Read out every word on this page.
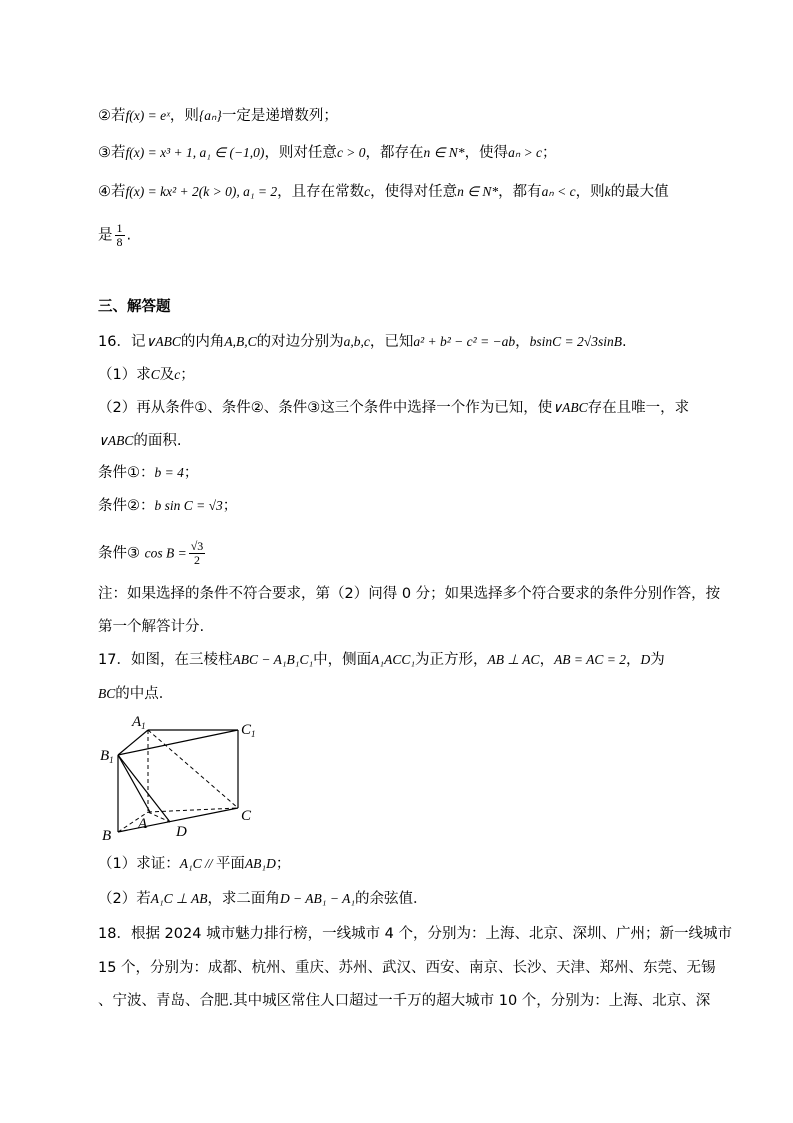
②若f(x) = eˣ，则{aₙ}一定是递增数列；
③若f(x) = x³ + 1, a₁ ∈ (−1,0)，则对任意c > 0，都存在n ∈ N*，使得aₙ > c；
④若f(x) = kx² + 2(k > 0), a₁ = 2，且存在常数c，使得对任意n ∈ N*，都有aₙ < c，则k的最大值
是 $\frac{1}{8}$ .
三、解答题
16．记∨ABC的内角A,B,C的对边分别为a,b,c，已知a² + b² − c² = −ab，bsinC = 2√3sinB.
（1）求C及c；
（2）再从条件①、条件②、条件③这三个条件中选择一个作为已知，使∨ABC存在且唯一，求
∨ABC的面积.
条件①：b = 4；
条件②：b sin C = √3；
条件③ $\cos B = \frac{√3}{2}$
注：如果选择的条件不符合要求，第（2）问得 0 分；如果选择多个符合要求的条件分别作答，按
第一个解答计分.
17．如图，在三棱柱ABC − A₁B₁C₁中，侧面A₁ACC₁为正方形，AB ⊥ AC，AB = AC = 2，D为
BC的中点．
$A_1$	$C_1$
$B_1$
A
B
C
D
（1）求证：A₁C // 平面AB₁D；
（2）若A₁C ⊥ AB，求二面角D − AB₁ − A₁的余弦值．
18．根据 2024 城市魅力排行榜，一线城市 4 个，分别为：上海、北京、深圳、广州；新一线城市
15 个，分别为：成都、杭州、重庆、苏州、武汉、西安、南京、长沙、天津、郑州、东莞、无锡
、宁波、青岛、合肥.其中城区常住人口超过一千万的超大城市 10 个，分别为：上海、北京、深
